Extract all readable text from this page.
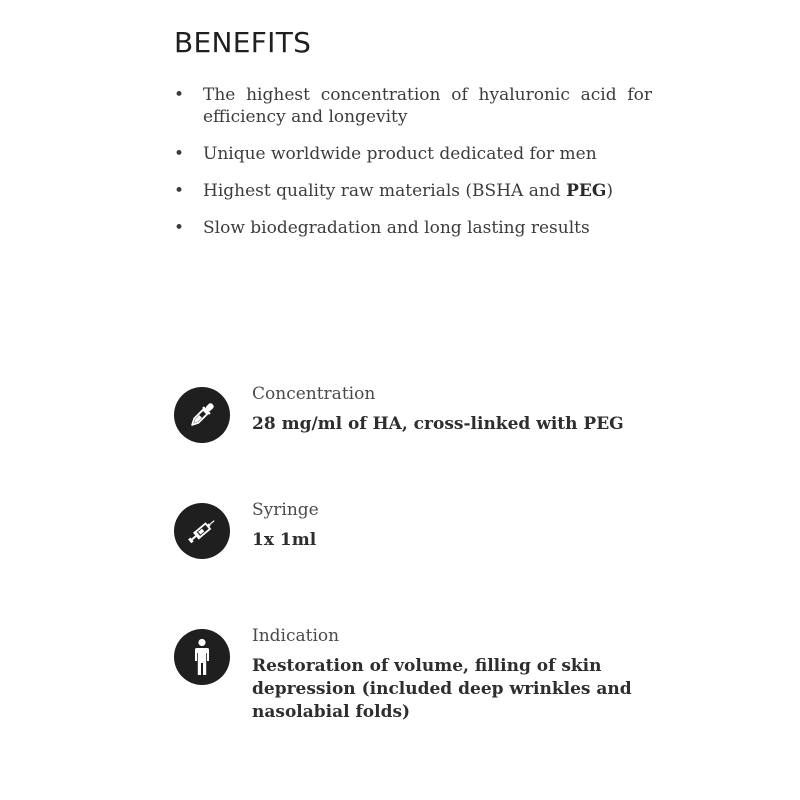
BENEFITS
• The highest concentration of hyaluronic acid for efficiency and longevity
• Unique worldwide product dedicated for men
• Highest quality raw materials (BSHA and PEG)
• Slow biodegradation and long lasting results
Concentration
28 mg/ml of HA, cross-linked with PEG
Syringe
1x 1ml
Indication
Restoration of volume, filling of skin depression (included deep wrinkles and nasolabial folds)
